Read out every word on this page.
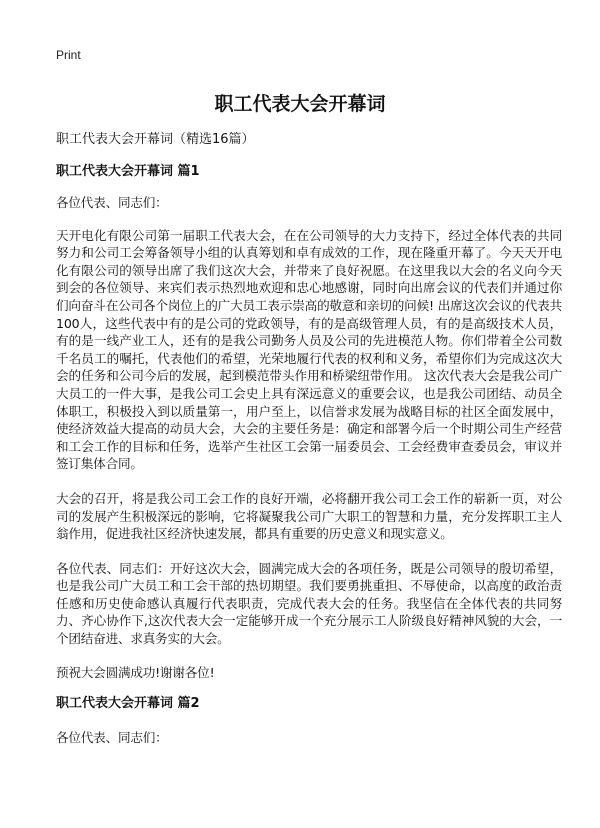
Print
职工代表大会开幕词
职工代表大会开幕词（精选16篇）
职工代表大会开幕词 篇1

各位代表、同志们：

天开电化有限公司第一届职工代表大会，在在公司领导的大力支持下，经过全体代表的共同努力和公司工会筹备领导小组的认真筹划和卓有成效的工作，现在隆重开幕了。今天天开电化有限公司的领导出席了我们这次大会，并带来了良好祝愿。在这里我以大会的名义向今天到会的各位领导、来宾们表示热烈地欢迎和忠心地感谢，同时向出席会议的代表们并通过你们向奋斗在公司各个岗位上的广大员工表示崇高的敬意和亲切的问候! 出席这次会议的代表共100人，这些代表中有的是公司的党政领导，有的是高级管理人员，有的是高级技术人员，有的是一线产业工人，还有的是我公司勤务人员及公司的先进模范人物。你们带着全公司数千名员工的嘱托，代表他们的希望，光荣地履行代表的权利和义务，希望你们为完成这次大会的任务和公司今后的发展，起到模范带头作用和桥梁纽带作用。 这次代表大会是我公司广大员工的一件大事，是我公司工会史上具有深远意义的重要会议，也是我公司团结、动员全体职工，积极投入到以质量第一，用户至上，以信誉求发展为战略目标的社区全面发展中，使经济效益大提高的动员大会，大会的主要任务是：确定和部署今后一个时期公司生产经营和工会工作的目标和任务，选举产生社区工会第一届委员会、工会经费审查委员会，审议并签订集体合同。

大会的召开，将是我公司工会工作的良好开端，必将翻开我公司工会工作的崭新一页，对公司的发展产生积极深远的影响，它将凝聚我公司广大职工的智慧和力量，充分发挥职工主人翁作用，促进我社区经济快速发展，都具有重要的历史意义和现实意义。

各位代表、同志们：开好这次大会，圆满完成大会的各项任务，既是公司领导的殷切希望，也是我公司广大员工和工会干部的热切期望。我们要勇挑重担、不辱使命，以高度的政治责任感和历史使命感认真履行代表职责，完成代表大会的任务。我坚信在全体代表的共同努力、齐心协作下,这次代表大会一定能够开成一个充分展示工人阶级良好精神风貌的大会，一个团结奋进、求真务实的大会。

预祝大会圆满成功!谢谢各位!

职工代表大会开幕词 篇2

各位代表、同志们：
